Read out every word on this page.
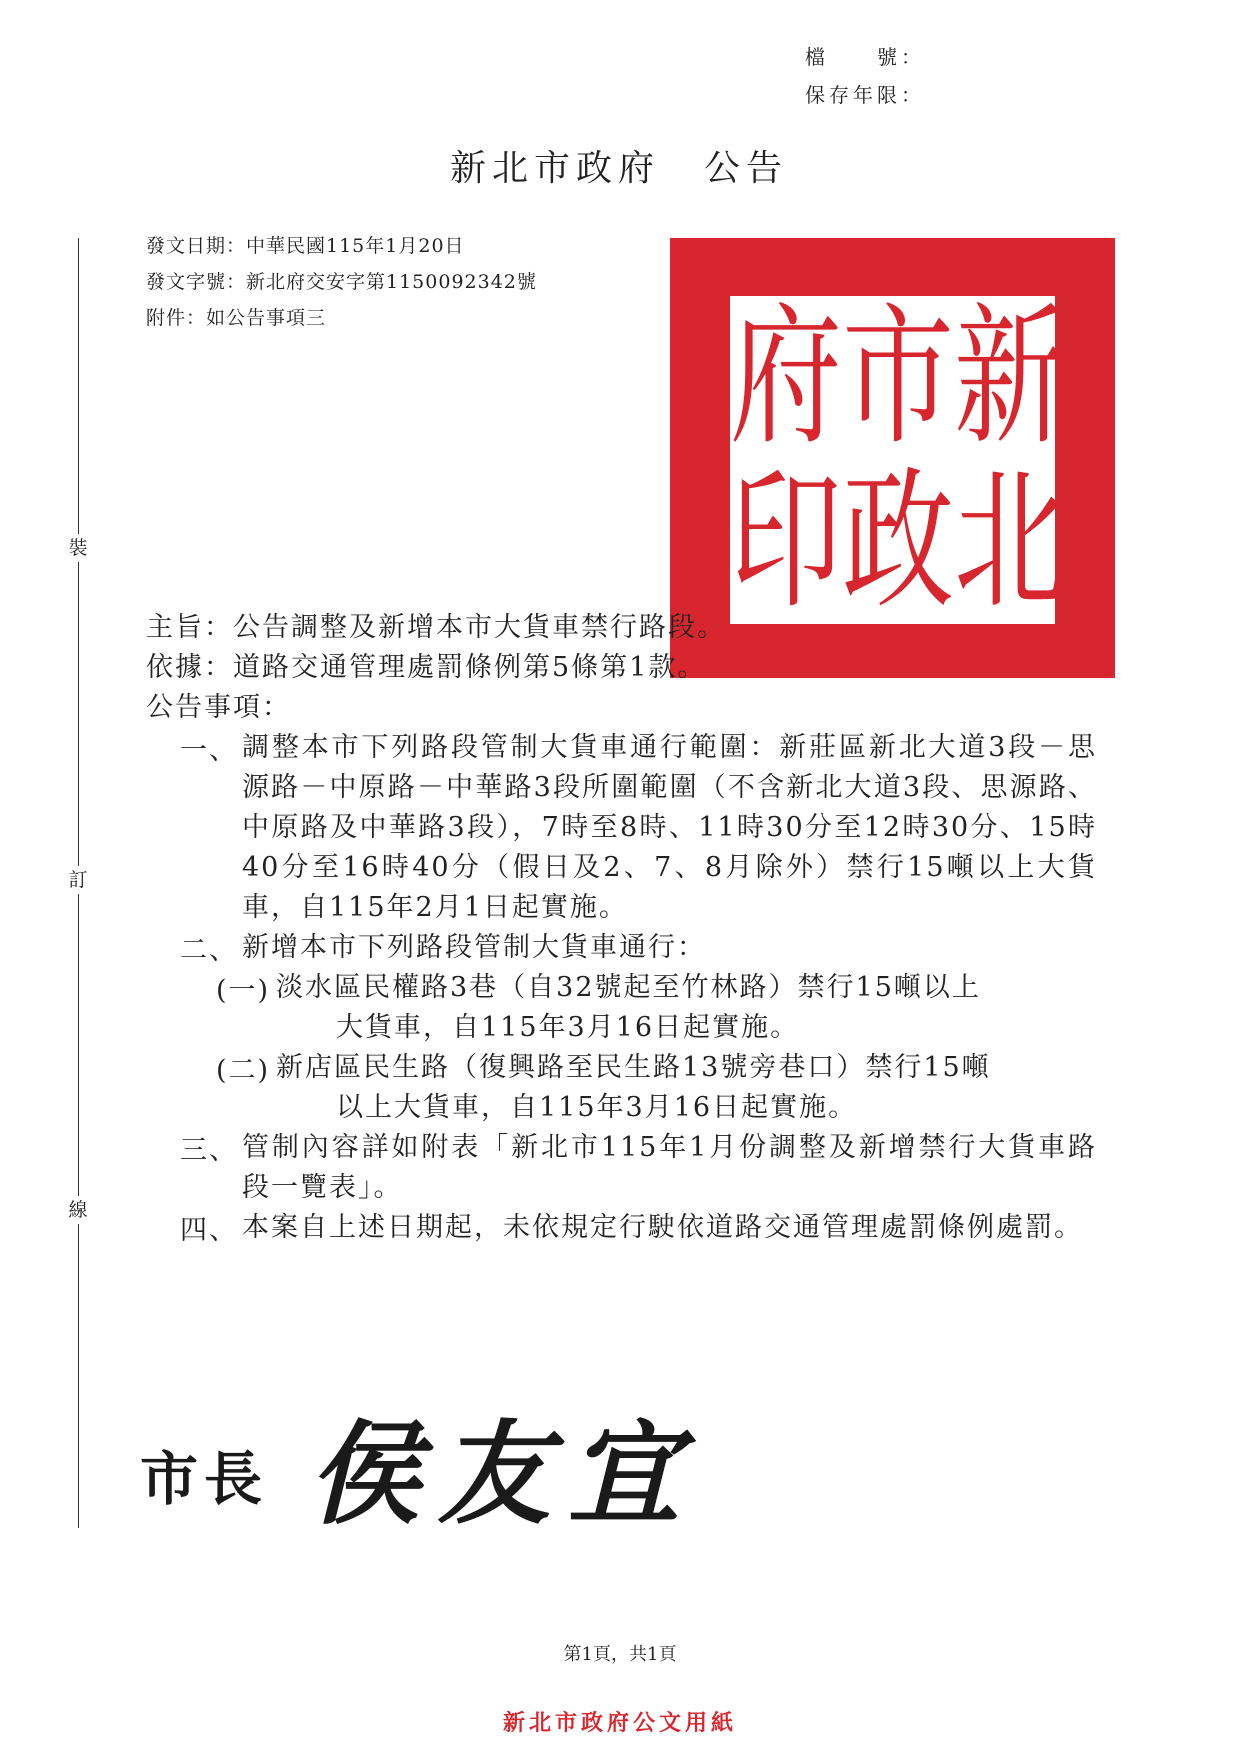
檔　　號：
保存年限：
新北市政府 公告
發文日期：中華民國115年1月20日
發文字號：新北府交安字第1150092342號
附件：如公告事項三
裝
訂
線
府 市 新
印 政 北
主旨：公告調整及新增本市大貨車禁行路段。
依據：道路交通管理處罰條例第5條第1款。
公告事項：
一、 調整本市下列路段管制大貨車通行範圍：新莊區新北大道3段－思源路－中原路－中華路3段所圍範圍（不含新北大道3段、思源路、中原路及中華路3段），7時至8時、11時30分至12時30分、15時40分至16時40分（假日及2、7、8月除外）禁行15噸以上大貨車，自115年2月1日起實施。
二、 新增本市下列路段管制大貨車通行：
(一) 淡水區民權路3巷（自32號起至竹林路）禁行15噸以上
大貨車，自115年3月16日起實施。
(二) 新店區民生路（復興路至民生路13號旁巷口）禁行15噸
以上大貨車，自115年3月16日起實施。
三、 管制內容詳如附表「新北市115年1月份調整及新增禁行大貨車路段一覽表」。
四、 本案自上述日期起，未依規定行駛依道路交通管理處罰條例處罰。
市長 侯友宜
第1頁，共1頁
新北市政府公文用紙
